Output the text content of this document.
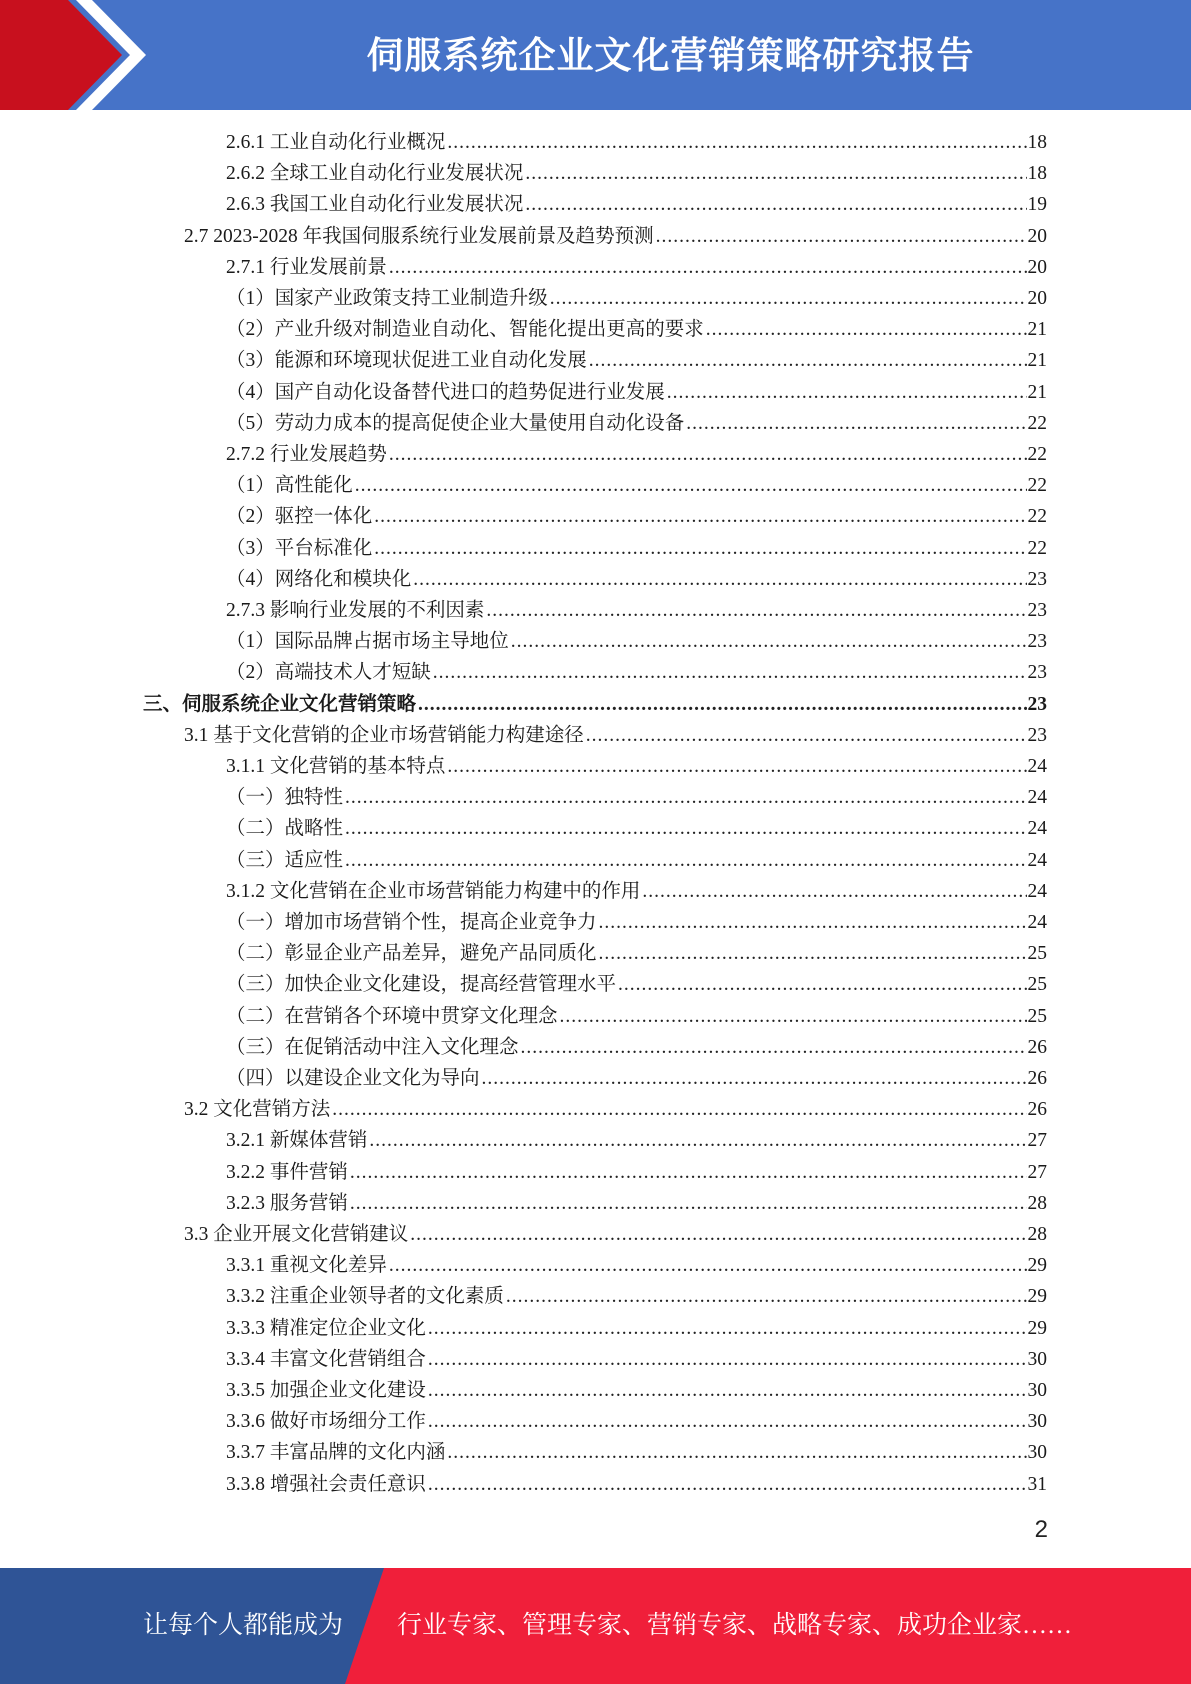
伺服系统企业文化营销策略研究报告
2.6.1 工业自动化行业概况 .....	18
2.6.2 全球工业自动化行业发展状况 .....	18
2.6.3 我国工业自动化行业发展状况 .....	19
2.7 2023-2028 年我国伺服系统行业发展前景及趋势预测 .....	20
2.7.1 行业发展前景 .....	20
（1）国家产业政策支持工业制造升级 .....	20
（2）产业升级对制造业自动化、智能化提出更高的要求 .....	21
（3）能源和环境现状促进工业自动化发展 .....	21
（4）国产自动化设备替代进口的趋势促进行业发展 .....	21
（5）劳动力成本的提高促使企业大量使用自动化设备 .....	22
2.7.2 行业发展趋势 .....	22
（1）高性能化 .....	22
（2）驱控一体化 .....	22
（3）平台标准化 .....	22
（4）网络化和模块化 .....	23
2.7.3 影响行业发展的不利因素 .....	23
（1）国际品牌占据市场主导地位 .....	23
（2）高端技术人才短缺 .....	23
三、伺服系统企业文化营销策略 .....	23
3.1 基于文化营销的企业市场营销能力构建途径 .....	23
3.1.1 文化营销的基本特点 .....	24
（一）独特性 .....	24
（二）战略性 .....	24
（三）适应性 .....	24
3.1.2 文化营销在企业市场营销能力构建中的作用 .....	24
（一）增加市场营销个性，提高企业竞争力 .....	24
（二）彰显企业产品差异，避免产品同质化 .....	25
（三）加快企业文化建设，提高经营管理水平 .....	25
（二）在营销各个环境中贯穿文化理念 .....	25
（三）在促销活动中注入文化理念 .....	26
（四）以建设企业文化为导向 .....	26
3.2 文化营销方法 .....	26
3.2.1 新媒体营销 .....	27
3.2.2 事件营销 .....	27
3.2.3 服务营销 .....	28
3.3 企业开展文化营销建议 .....	28
3.3.1 重视文化差异 .....	29
3.3.2 注重企业领导者的文化素质 .....	29
3.3.3 精准定位企业文化 .....	29
3.3.4 丰富文化营销组合 .....	30
3.3.5 加强企业文化建设 .....	30
3.3.6 做好市场细分工作 .....	30
3.3.7 丰富品牌的文化内涵 .....	30
3.3.8 增强社会责任意识 .....	31
2
让每个人都能成为 行业专家、管理专家、营销专家、战略专家、成功企业家……
